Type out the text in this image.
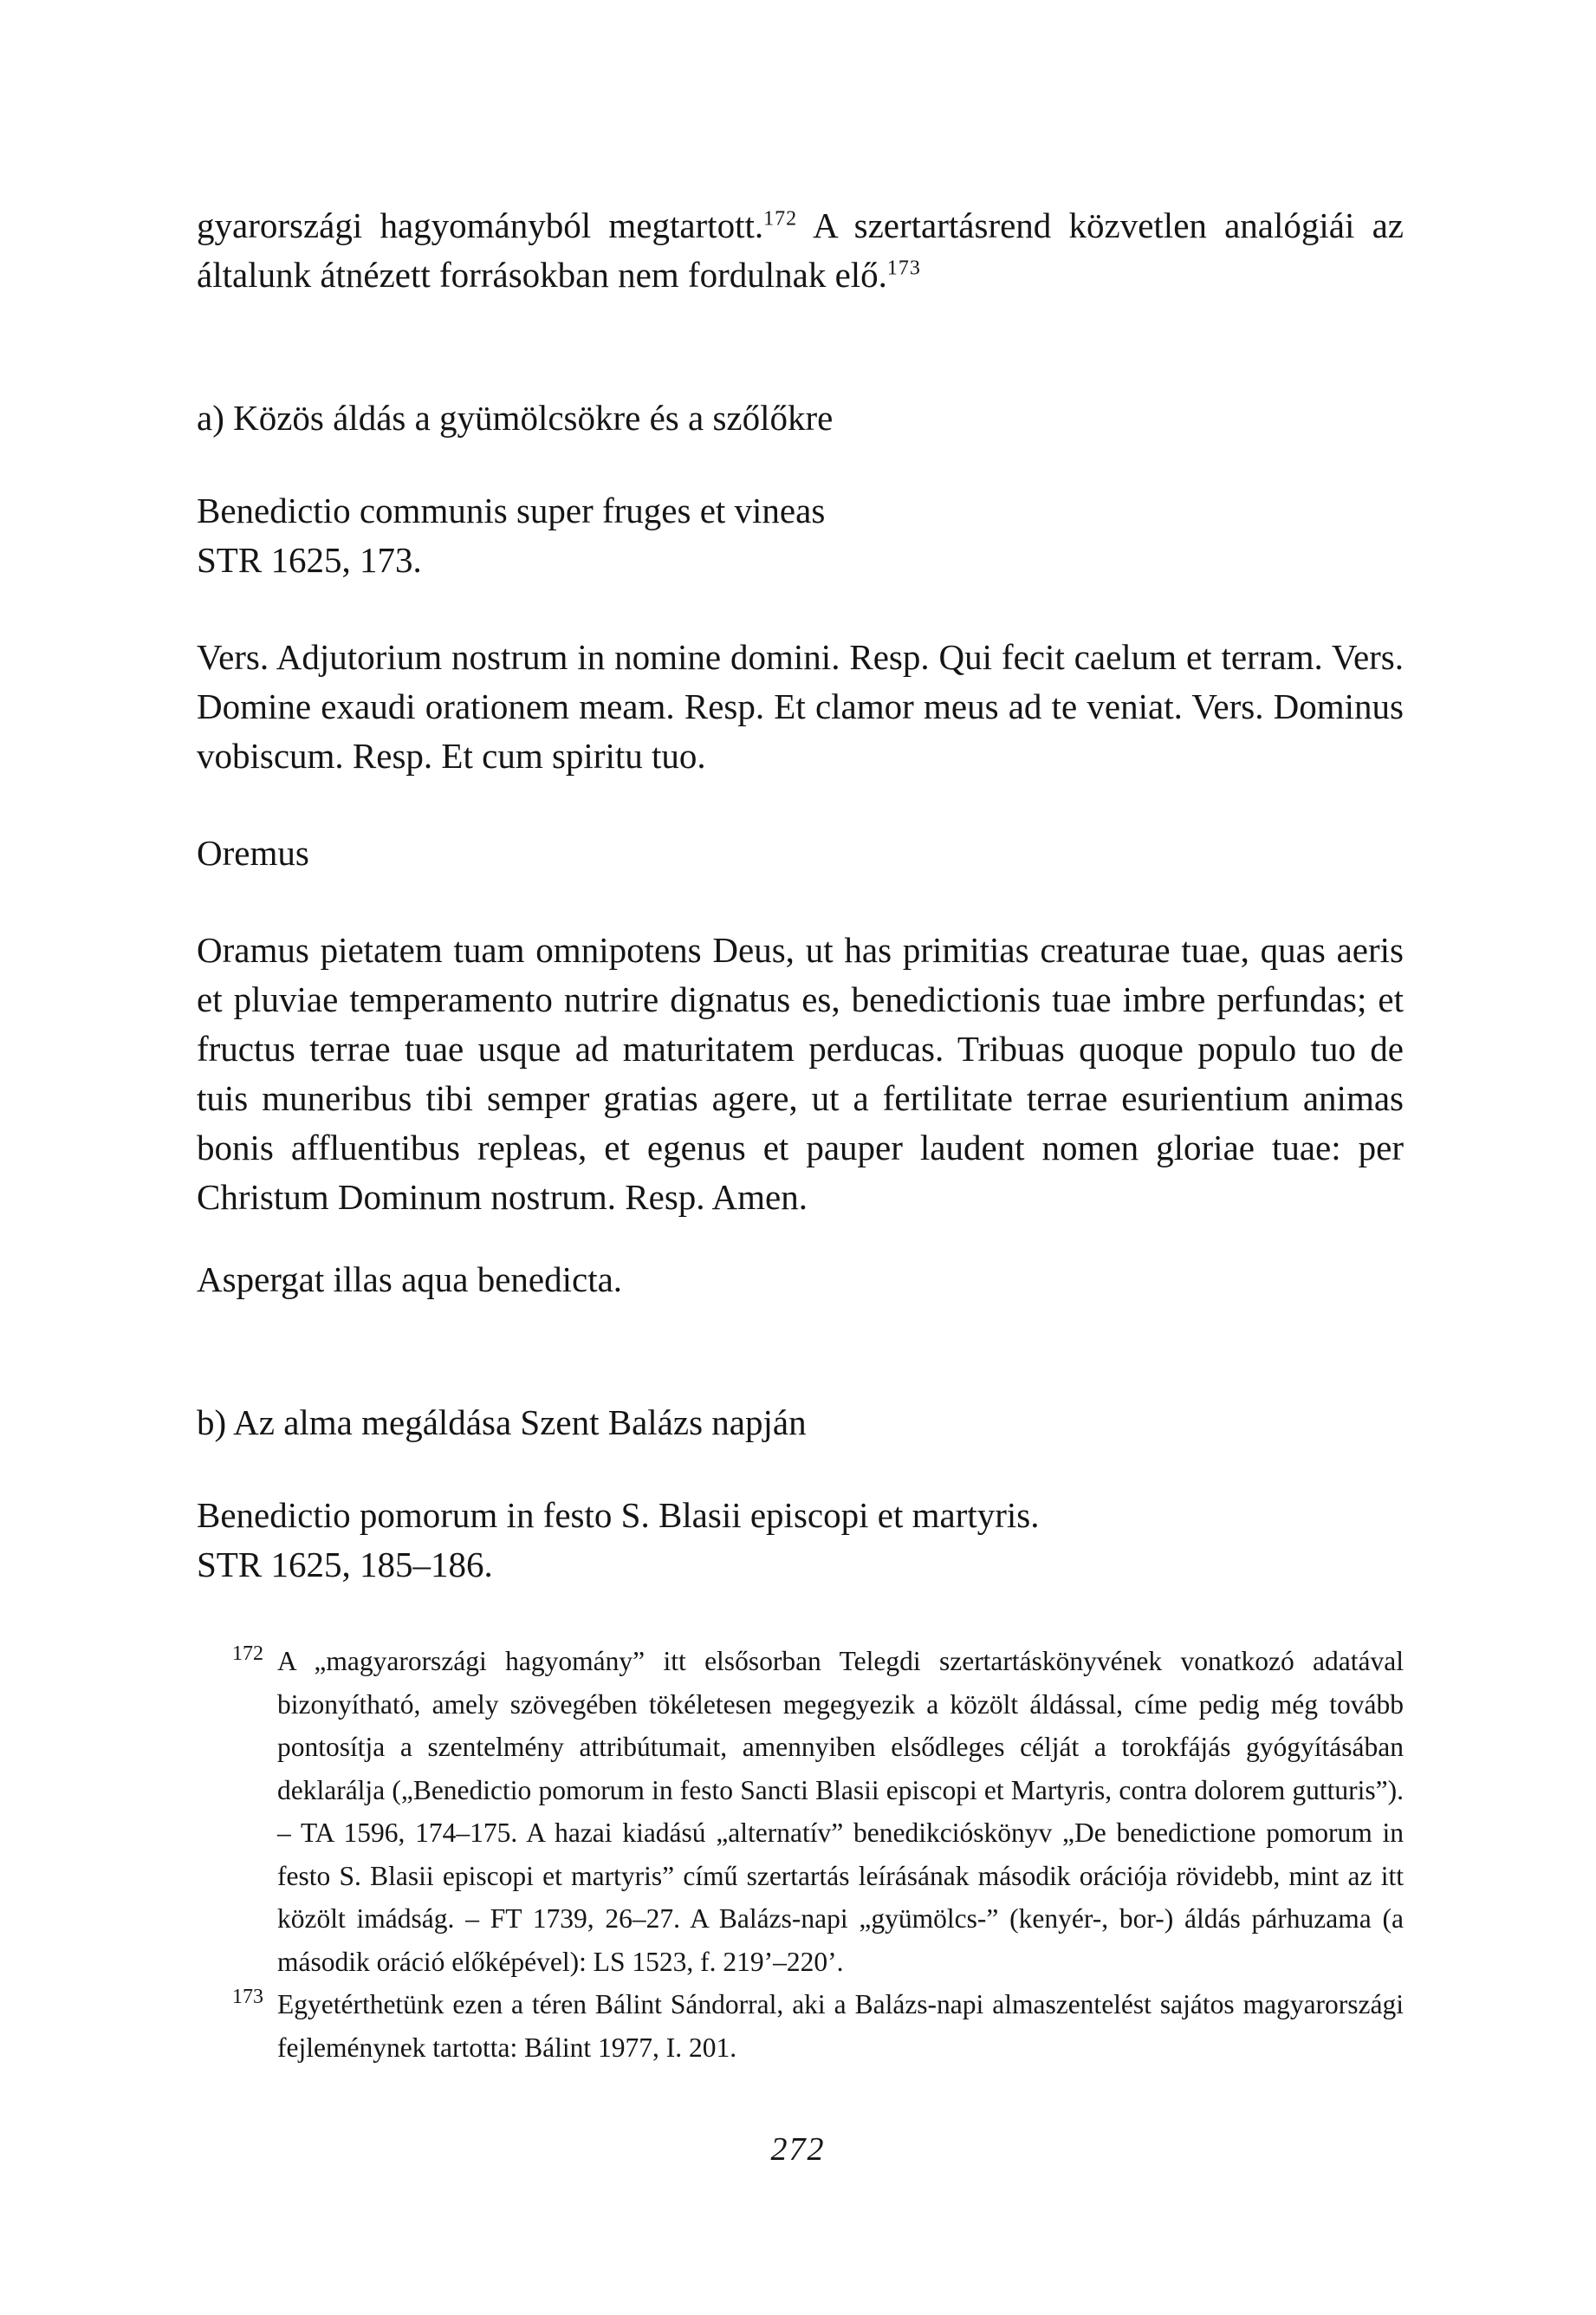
gyarországi hagyományból megtartott.$^{172}$ A szertartásrend közvetlen analógiái az általunk átnézett forrásokban nem fordulnak elő.$^{173}$

a) Közös áldás a gyümölcsökre és a szőlőkre

Benedictio communis super fruges et vineas

STR 1625, 173.

Vers. Adjutorium nostrum in nomine domini. Resp. Qui fecit caelum et terram. Vers. Domine exaudi orationem meam. Resp. Et clamor meus ad te veniat. Vers. Dominus vobiscum. Resp. Et cum spiritu tuo.

Oremus

Oramus pietatem tuam omnipotens Deus, ut has primitias creaturae tuae, quas aeris et pluviae temperamento nutrire dignatus es, benedictionis tuae imbre perfundas; et fructus terrae tuae usque ad maturitatem perducas. Tribuas quoque populo tuo de tuis muneribus tibi semper gratias agere, ut a fertilitate terrae esurientium animas bonis affluentibus repleas, et egenus et pauper laudent nomen gloriae tuae: per Christum Dominum nostrum. Resp. Amen.

Aspergat illas aqua benedicta.

b) Az alma megáldása Szent Balázs napján

Benedictio pomorum in festo S. Blasii episcopi et martyris.

STR 1625, 185–186.

172 A „magyarországi hagyomány” itt elsősorban Telegdi szertartáskönyvének vonatkozó adatával bizonyítható, amely szövegében tökéletesen megegyezik a közölt áldással, címe pedig még tovább pontosítja a szentelmény attribútumait, amennyiben elsődleges célját a torokfájás gyógyításában deklarálja („Benedictio pomorum in festo Sancti Blasii episcopi et Martyris, contra dolorem gutturis”). – TA 1596, 174–175. A hazai kiadású „alternatív” benedikcióskönyv „De benedictione pomorum in festo S. Blasii episcopi et martyris” című szertartás leírásának második orációja rövidebb, mint az itt közölt imádság. – FT 1739, 26–27. A Balázs-napi „gyümölcs-” (kenyér-, bor-) áldás párhuzama (a második oráció előképével): LS 1523, f. 219’–220’.
173 Egyetérthetünk ezen a téren Bálint Sándorral, aki a Balázs-napi almaszentelést sajátos magyarországi fejleménynek tartotta: Bálint 1977, I. 201.
272
